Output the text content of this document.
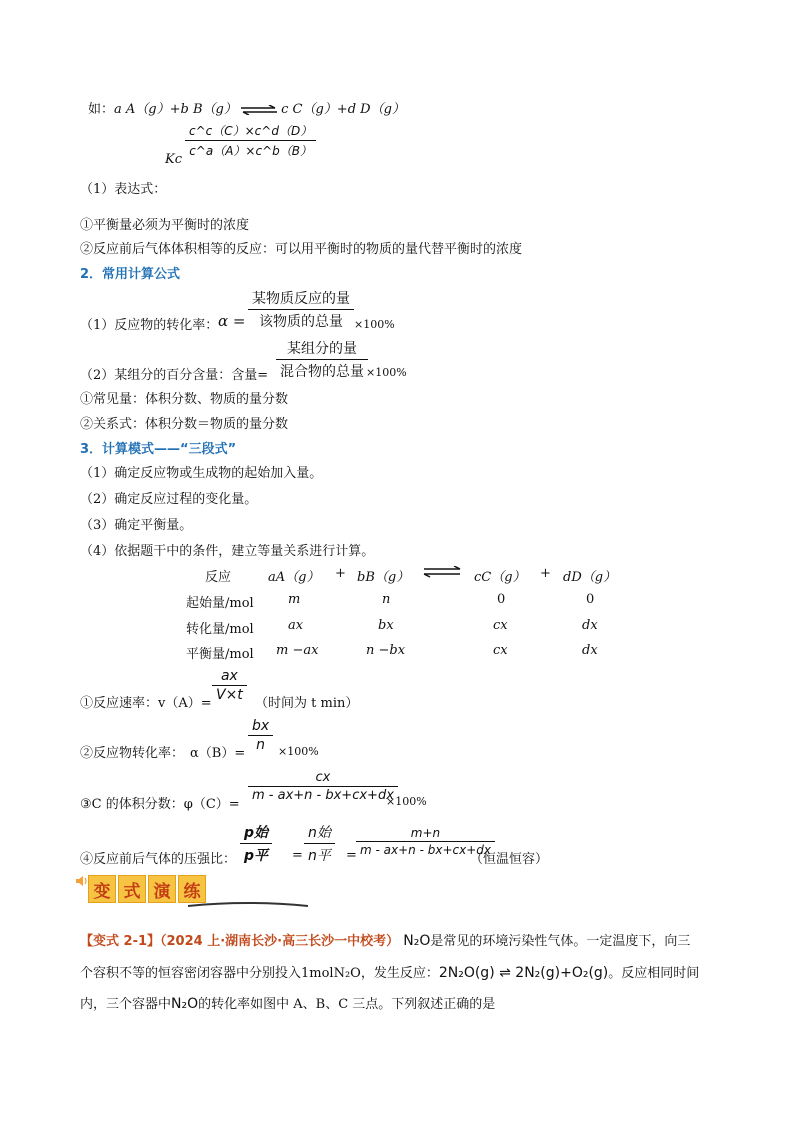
如：a A（g）+b B（g） ⇌ c C（g）+d D（g）
Kc
$\frac{c\^{}c(C)\times c\^{}d(D)}{c\^{}a(A)\times c\^{}b(B)}$
（1）表达式：
①平衡量必须为平衡时的浓度
②反应前后气体体积相等的反应：可以用平衡时的物质的量代替平衡时的浓度
2．常用计算公式
（1）反应物的转化率： α =
某物质反应的量
该物质的总量	×100%
（2）某组分的百分含量：含量=
某组分的量
混合物的总量 ×100%
①常见量：体积分数、物质的量分数
②关系式：体积分数＝物质的量分数
3．计算模式——“三段式”
（1）确定反应物或生成物的起始加入量。
（2）确定反应过程的变化量。
（3）确定平衡量。
（4）依据题干中的条件，建立等量关系进行计算。
反应	aA（g） + bB（g） ⇌ cC（g） + dD（g）
起始量/mol	m	n	0	0
转化量/mol	ax	bx	cx	dx
平衡量/mol m −ax	n −bx	cx	dx
①反应速率：v（A）=
$\frac{ax}{V\times t}$
（时间为 t min）
②反应物转化率： α（B）=
$\frac{bx}{n} \times 100\%$
③C 的体积分数：φ（C）=
$\frac{cx}{m - ax+n - bx+cx+dx}$
×100%
④反应前后气体的压强比：
p始
p平	=
n始
n平	= $\frac{m+n}{m - ax+n - bx+cx+dx}$
（恒温恒容）
变 式 演 练
【变式 2-1】（2024 上·湖南长沙·高三长沙一中校考） N₂O是常见的环境污染性气体。一定温度下，向三
个容积不等的恒容密闭容器中分别投入1molN₂O，发生反应：2N₂O(g) ⇌ 2N₂(g)+O₂(g)。反应相同时间
内，三个容器中N₂O的转化率如图中 A、B、C 三点。下列叙述正确的是
